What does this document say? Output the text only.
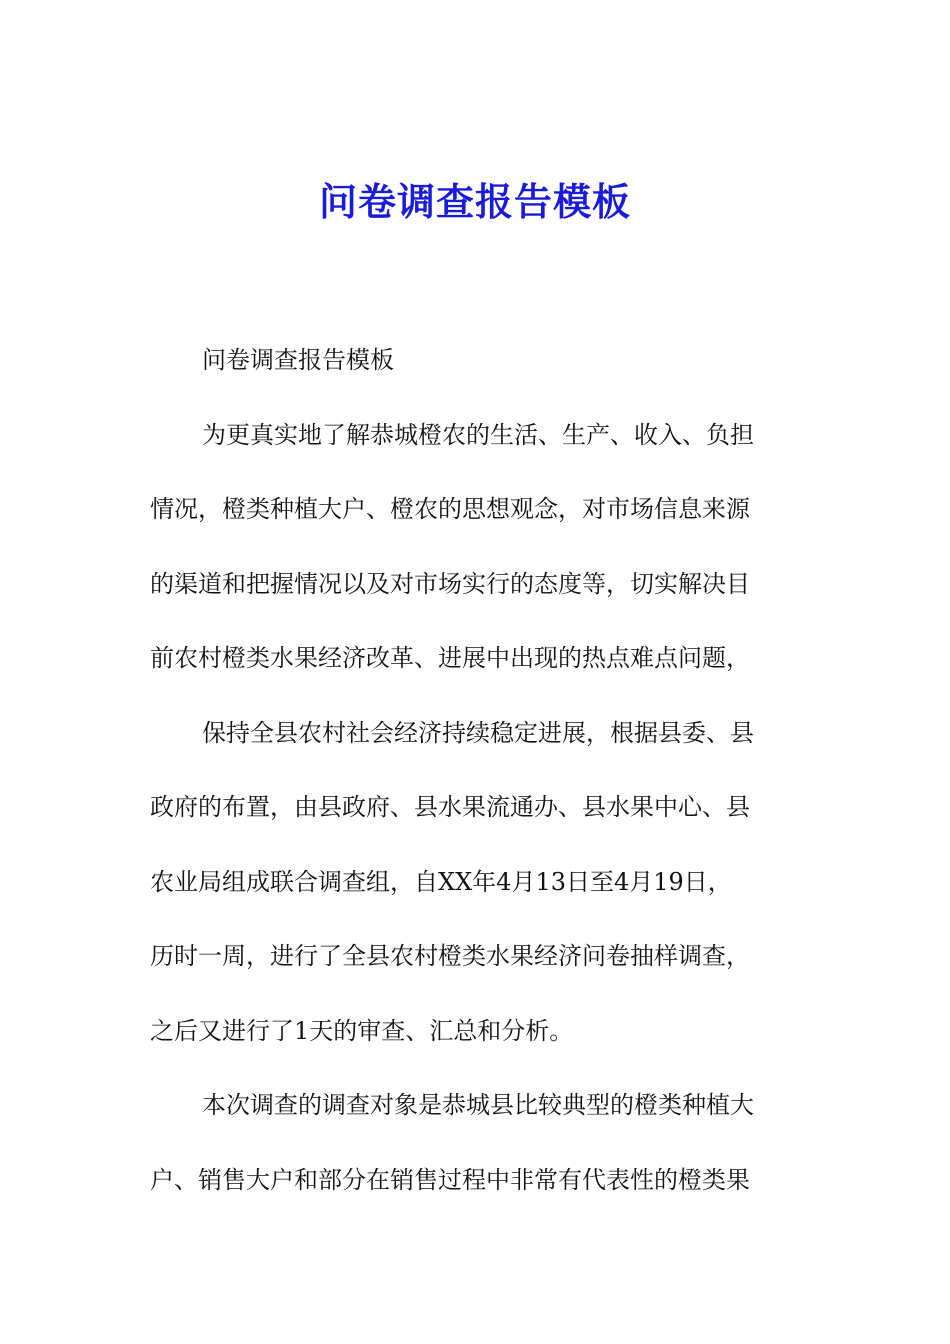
问卷调查报告模板
问卷调查报告模板
为更真实地了解恭城橙农的生活、生产、收入、负担
情况，橙类种植大户、橙农的思想观念，对市场信息来源
的渠道和把握情况以及对市场实行的态度等，切实解决目
前农村橙类水果经济改革、进展中出现的热点难点问题，
保持全县农村社会经济持续稳定进展，根据县委、县
政府的布置，由县政府、县水果流通办、县水果中心、县
农业局组成联合调查组，自XX年4月13日至4月19日，
历时一周，进行了全县农村橙类水果经济问卷抽样调查，
之后又进行了1天的审查、汇总和分析。
本次调查的调查对象是恭城县比较典型的橙类种植大
户、销售大户和部分在销售过程中非常有代表性的橙类果
